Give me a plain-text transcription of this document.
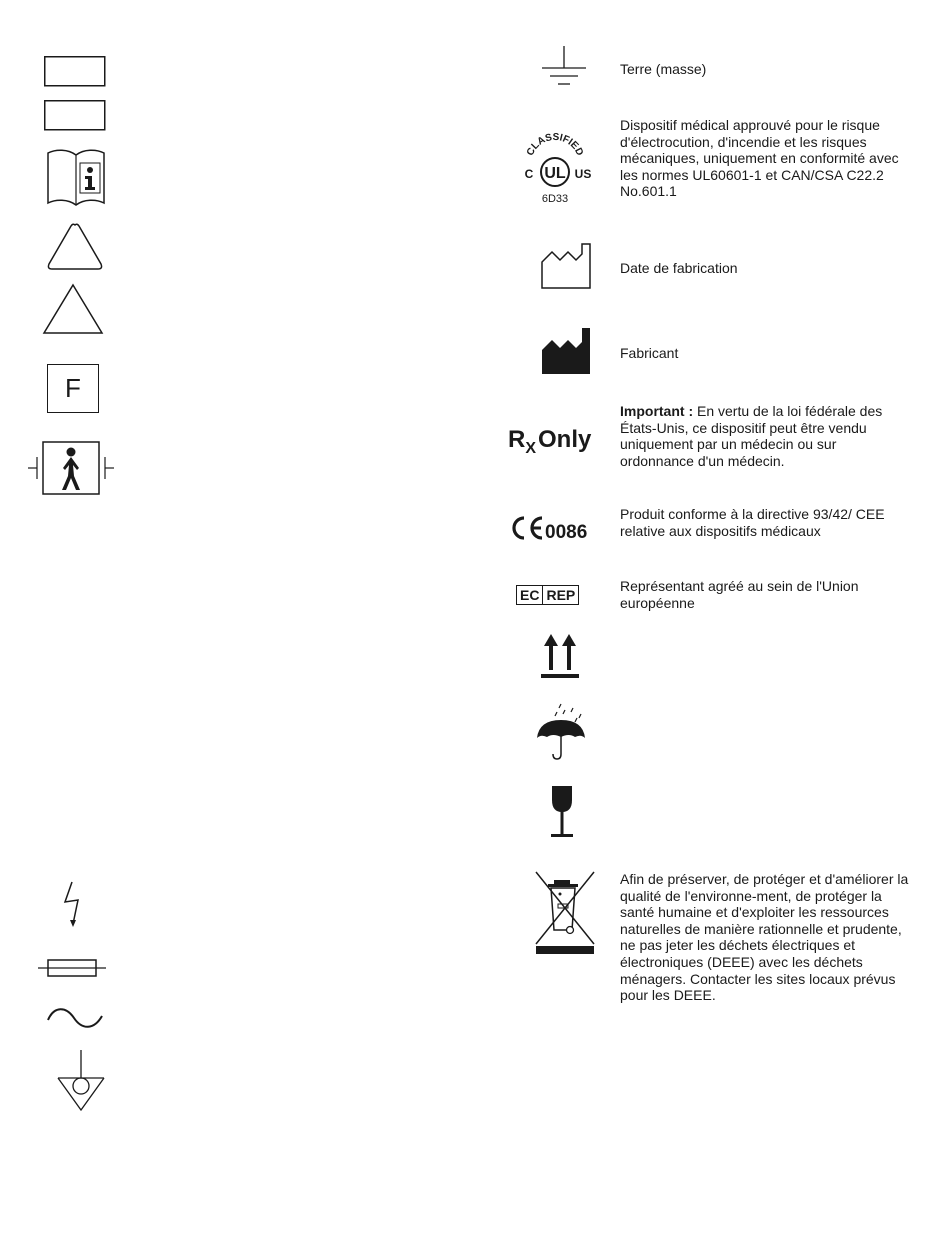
F
Terre (masse)
CLASSIFIED
UL
C	US
6D33
Dispositif médical approuvé pour le risque d'électrocution, d'incendie et les risques mécaniques, uniquement en conformité avec les normes UL60601-1 et CAN/CSA C22.2 No.601.1
Date de fabrication
Fabricant
$R_XOnly$
Important : En vertu de la loi fédérale des États-Unis, ce dispositif peut être vendu uniquement par un médecin ou sur ordonnance d'un médecin.
0086
Produit conforme à la directive 93/42/ CEE relative aux dispositifs médicaux
EC REP
Représentant agréé au sein de l'Union européenne
Afin de préserver, de protéger et d'améliorer la qualité de l'environne-ment, de protéger la santé humaine et d'exploiter les ressources naturelles de manière rationnelle et prudente, ne pas jeter les déchets électriques et électroniques (DEEE) avec les déchets ménagers. Contacter les sites locaux prévus pour les DEEE.
